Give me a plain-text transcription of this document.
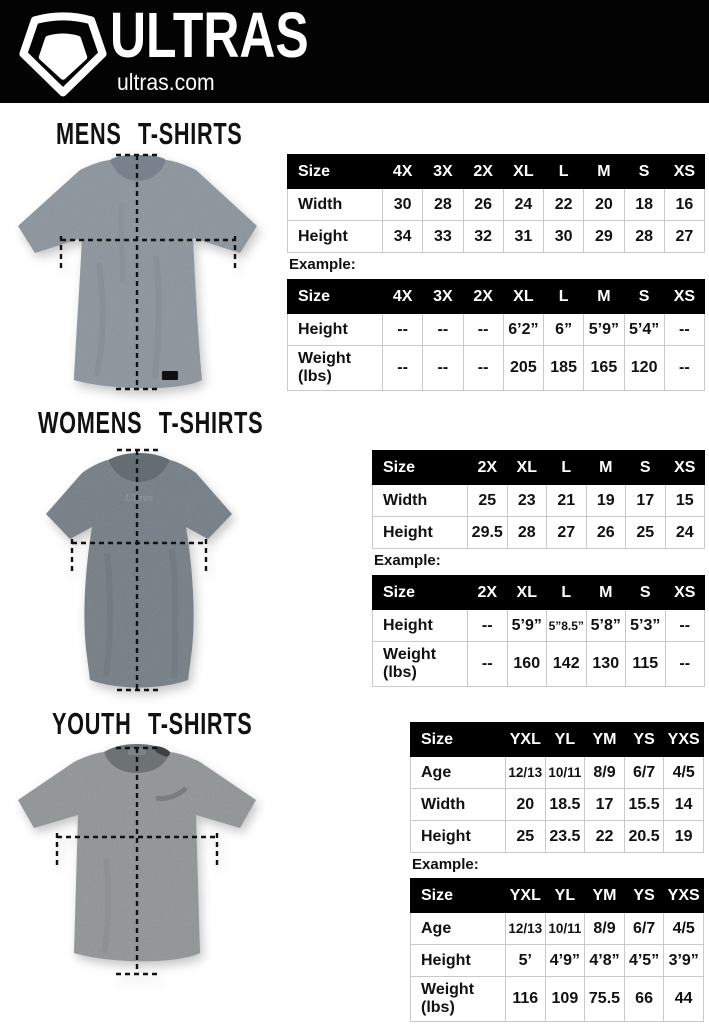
ULTRAS
ultras.com
MENS T-SHIRTS
Size	4X	3X	2X	XL	L	M	S	XS
Width	30	28	26	24	22	20	18	16
Height	34	33	32	31	30	29	28	27
Example:
Size	4X	3X	2X	XL	L	M	S	XS
Height	--	--	--	6’2”	6”	5’9”	5’4”	--
Weight (lbs)	--	--	--	205	185	165	120	--
WOMENS T-SHIRTS
Ultras
Size	2X	XL	L	M	S	XS
Width	25	23	21	19	17	15
Height	29.5	28	27	26	25	24
Example:
Size	2X	XL	L	M	S	XS
Height	--	5’9”	5”8.5”	5’8”	5’3”	--
Weight (lbs)	--	160	142	130	115	--
YOUTH T-SHIRTS	Size	YXL	YL	YM	YS	YXS
Age	12/13	10/11	8/9	6/7	4/5
Width	20	18.5	17	15.5	14
Height	25	23.5	22	20.5	19
Example:
Size	YXL	YL	YM	YS	YXS
Age	12/13	10/11	8/9	6/7	4/5
Height	5’	4’9”	4’8”	4’5”	3’9”
Weight (lbs)	116	109	75.5	66	44
